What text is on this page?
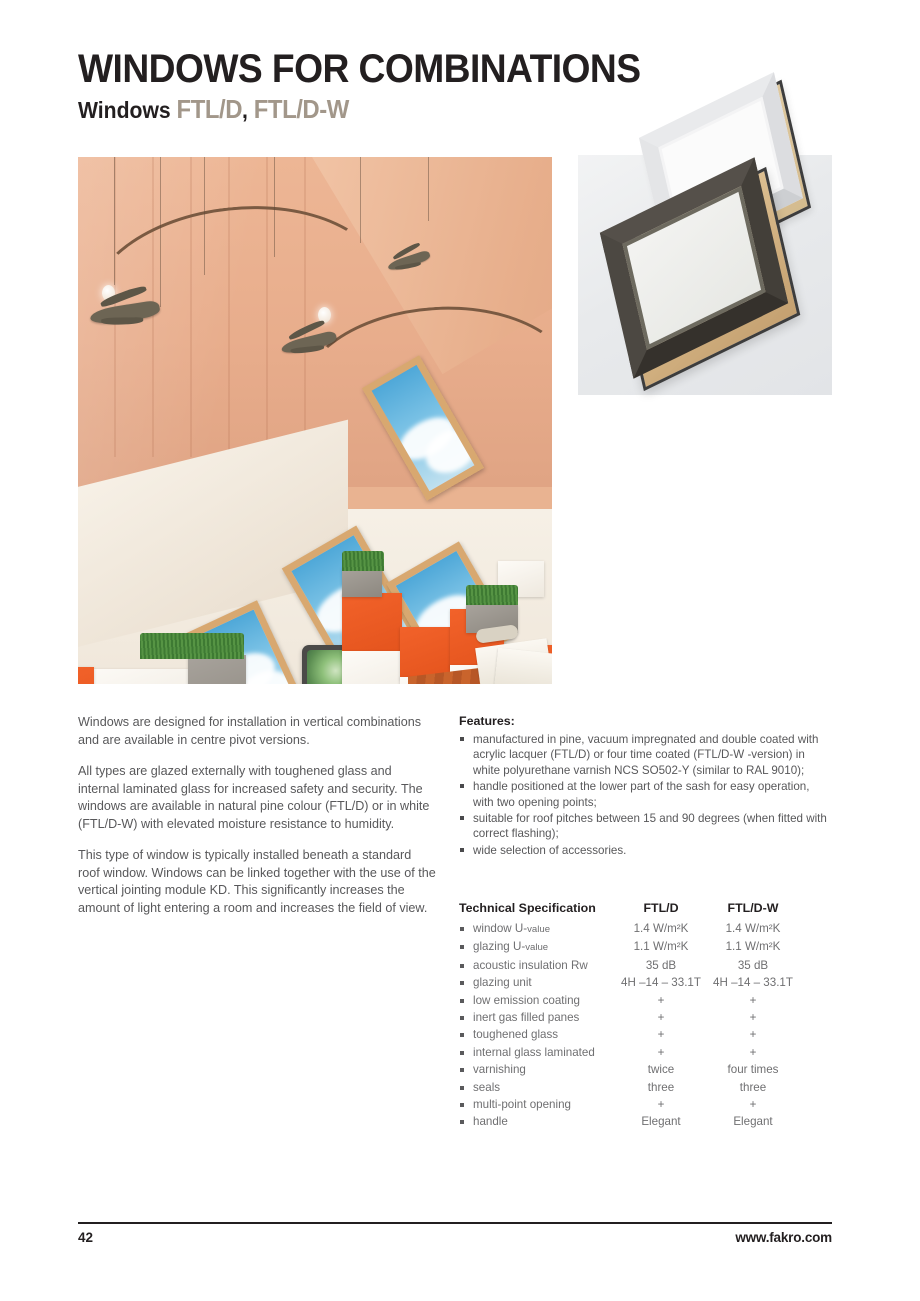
WINDOWS FOR COMBINATIONS
Windows FTL/D, FTL/D-W

Windows are designed for installation in vertical combinations and are available in centre pivot versions.

All types are glazed externally with toughened glass and internal laminated glass for increased safety and security. The windows are available in natural pine colour (FTL/D) or in white (FTL/D-W) with elevated moisture resistance to humidity.

This type of window is typically installed beneath a standard roof window. Windows can be linked together with the use of the vertical jointing module KD. This significantly increases the amount of light entering a room and increases the field of view.

Features:
manufactured in pine, vacuum impregnated and double coated with acrylic lacquer (FTL/D) or four time coated (FTL/D-W -version) in white polyurethane varnish NCS SO502-Y (similar to RAL 9010);
handle positioned at the lower part of the sash for easy operation, with two opening points;
suitable for roof pitches between 15 and 90 degrees (when fitted with correct flashing);
wide selection of accessories.
Technical Specification	FTL/D	FTL/D-W
window U-value	1.4 W/m²K	1.4 W/m²K
glazing U-value	1.1 W/m²K	1.1 W/m²K
acoustic insulation Rw	35 dB	35 dB
glazing unit	4H –14 – 33.1T	4H –14 – 33.1T
low emission coating	+	+
inert gas filled panes	+	+
toughened glass	+	+
internal glass laminated	+	+
varnishing	twice	four times
seals	three	three
multi-point opening	+	+
handle	Elegant	Elegant
42	www.fakro.com
